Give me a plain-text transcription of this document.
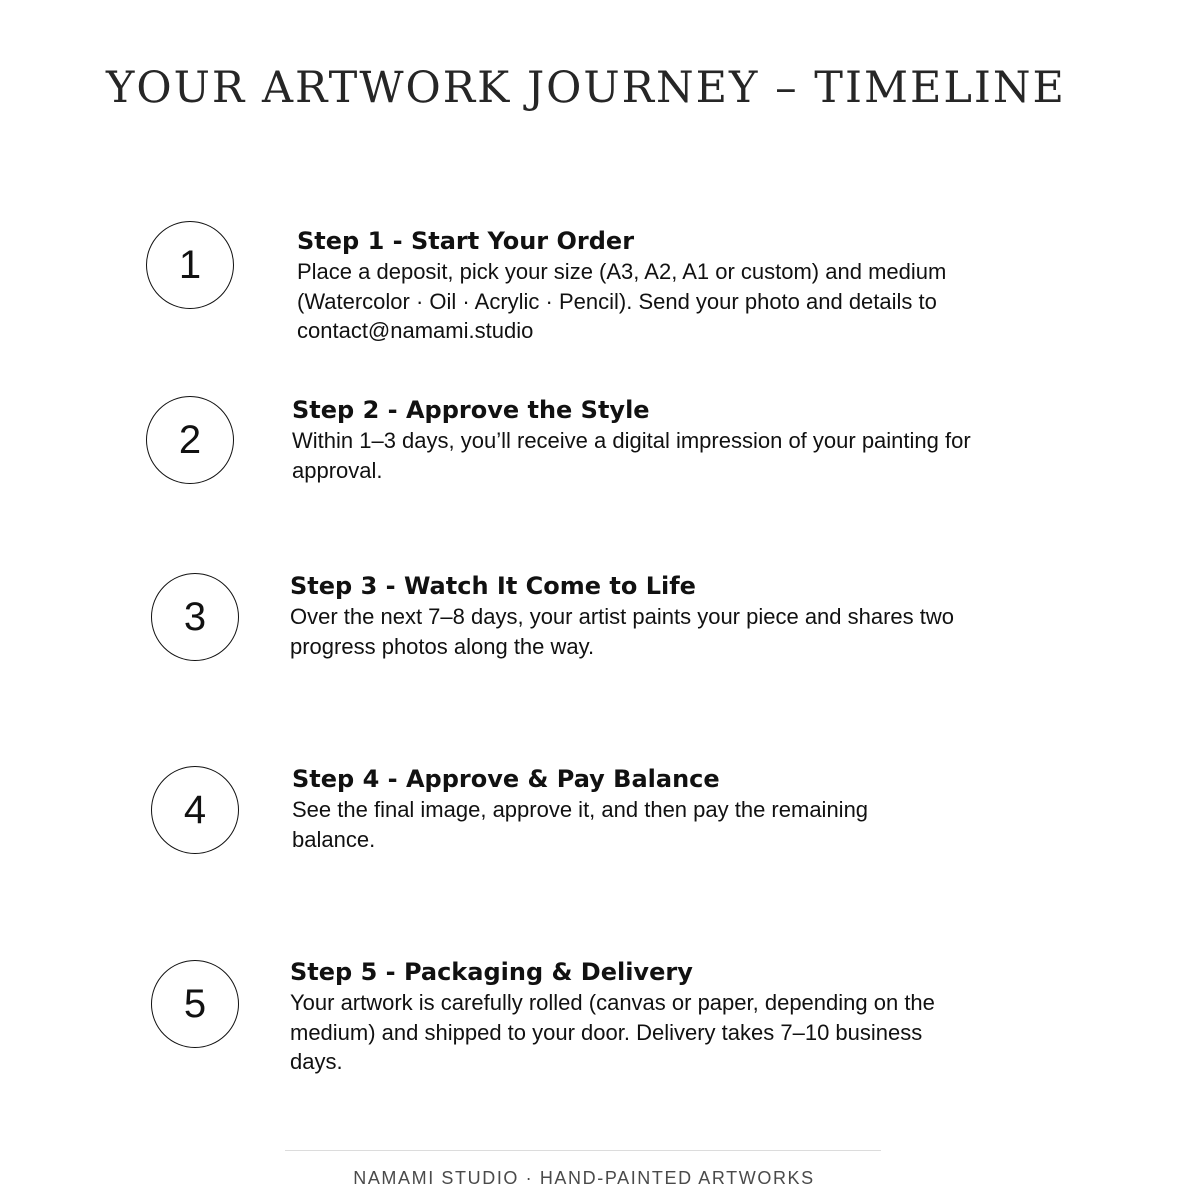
YOUR ARTWORK JOURNEY – TIMELINE
1
Step 1 - Start Your Order
Place a deposit, pick your size (A3, A2, A1 or custom) and medium (Watercolor · Oil · Acrylic · Pencil). Send your photo and details to contact@namami.studio
2
Step 2 - Approve the Style
Within 1–3 days, you’ll receive a digital impression of your painting for approval.
3
Step 3 - Watch It Come to Life
Over the next 7–8 days, your artist paints your piece and shares two progress photos along the way.
4
Step 4 - Approve & Pay Balance
See the final image, approve it, and then pay the remaining balance.
5
Step 5 - Packaging & Delivery
Your artwork is carefully rolled (canvas or paper, depending on the medium) and shipped to your door. Delivery takes 7–10 business days.
NAMAMI STUDIO · HAND-PAINTED ARTWORKS
